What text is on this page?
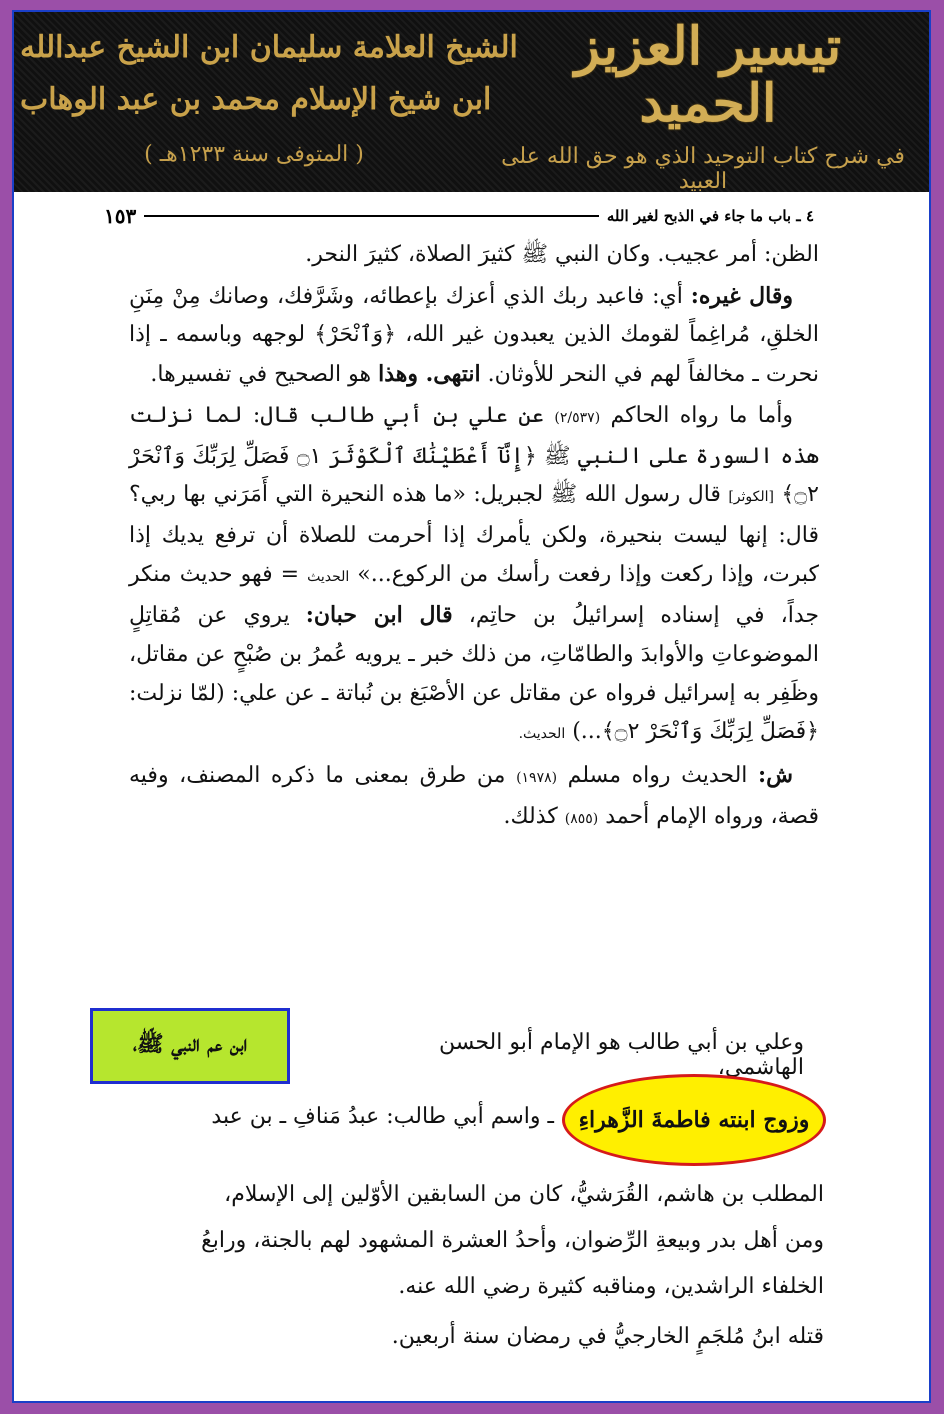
تيسير العزيز الحميد
في شرح كتاب التوحيد الذي هو حق الله على العبيد
الشيخ العلامة سليمان ابن الشيخ عبدالله
ابن شيخ الإسلام محمد بن عبد الوهاب
( المتوفى سنة ١٢٣٣هـ )
٤ ـ باب ما جاء في الذبح لغير الله
١٥٣

الظن: أمر عجيب. وكان النبي ﷺ كثيرَ الصلاة، كثيرَ النحر.

وقال غيره: أي: فاعبد ربك الذي أعزك بإعطائه، وشَرَّفك، وصانك مِنْ مِنَنِ الخلقِ، مُراغِماً لقومك الذين يعبدون غير الله، ﴿وَٱنْحَرْ﴾ لوجهه وباسمه ـ إذا نحرت ـ مخالفاً لهم في النحر للأوثان. انتهى. وهذا هو الصحيح في تفسيرها.

وأما ما رواه الحاكم (٢/٥٣٧) عن علي بن أبي طالب قال: لما نزلت هذه السورة على النبي ﷺ ﴿إِنَّآ أَعْطَيْنَٰكَ ٱلْكَوْثَرَ ۝١ فَصَلِّ لِرَبِّكَ وَٱنْحَرْ ۝٢﴾ [الكوثر] قال رسول الله ﷺ لجبريل: «ما هذه النحيرة التي أَمَرَني بها ربي؟ قال: إنها ليست بنحيرة، ولكن يأمرك إذا أحرمت للصلاة أن ترفع يديك إذا كبرت، وإذا ركعت وإذا رفعت رأسك من الركوع...» الحديث = فهو حديث منكر جداً، في إسناده إسرائيلُ بن حاتِم، قال ابن حبان: يروي عن مُقاتِلٍ الموضوعاتِ والأوابدَ والطامّاتِ، من ذلك خبر ـ يرويه عُمرُ بن صُبْحٍ عن مقاتل، وظَفِر به إسرائيل فرواه عن مقاتل عن الأصْبَغ بن نُباتة ـ عن علي: (لمّا نزلت: ﴿فَصَلِّ لِرَبِّكَ وَٱنْحَرْ ۝٢﴾...) الحديث.

ش: الحديث رواه مسلم (١٩٧٨) من طرق بمعنى ما ذكره المصنف، وفيه قصة، ورواه الإمام أحمد (٨٥٥) كذلك.

وعلي بن أبي طالب هو الإمام أبو الحسن الهاشمي،
ابن عم النبي ﷺ،
وزوج ابنته فاطمةَ الزَّهراءِ
ـ واسم أبي طالب: عبدُ مَنافِ ـ بن عبد
المطلب بن هاشم، القُرَشيُّ، كان من السابقين الأوّلين إلى الإسلام،
ومن أهل بدر وبيعةِ الرِّضوان، وأحدُ العشرة المشهود لهم بالجنة، ورابعُ
الخلفاء الراشدين، ومناقبه كثيرة رضي الله عنه.
قتله ابنُ مُلجَمٍ الخارجيُّ في رمضان سنة أربعين.
